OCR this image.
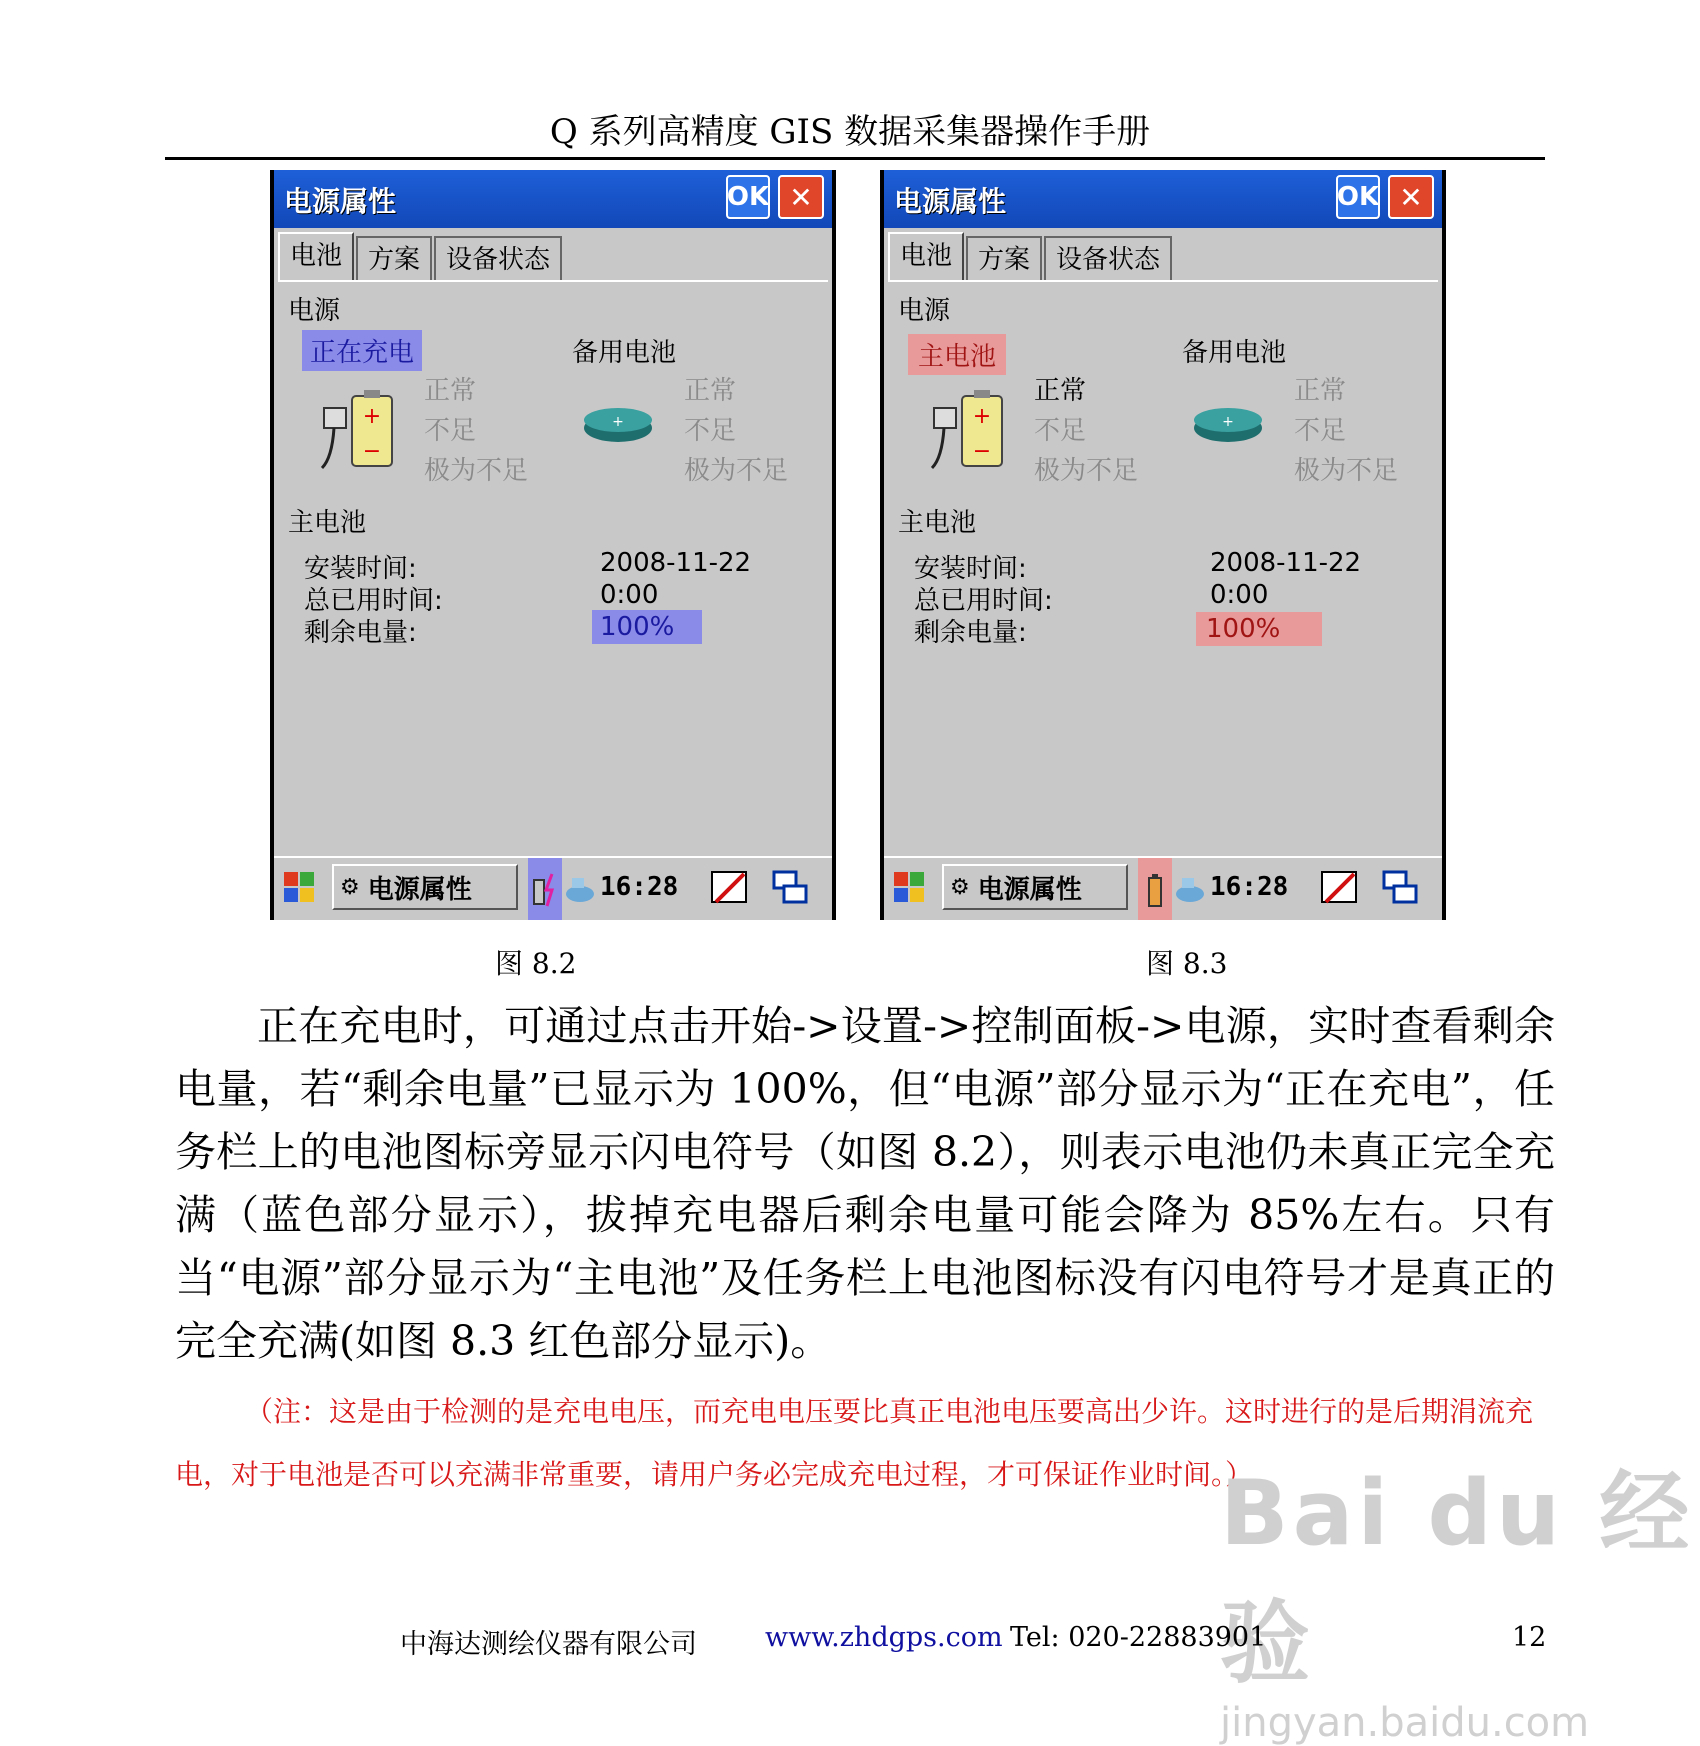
Q 系列高精度 GIS 数据采集器操作手册
电源属性	OK ✕
电池	方案	设备状态
电源
正在充电	备用电池
+
−
正常
不足
极为不足
+
正常
不足
极为不足
主电池
安装时间:	2008-11-22
总已用时间:	0:00
剩余电量:	100%
⚙ 电源属性	16:28
电源属性	OK ✕
电池	方案	设备状态
电源
主电池	备用电池
+
−
正常
不足
极为不足
+
正常
不足
极为不足
主电池
安装时间:	2008-11-22
总已用时间:	0:00
剩余电量:	100%
⚙ 电源属性	16:28
图 8.2	图 8.3
正在充电时，可通过点击开始->设置->控制面板->电源，实时查看剩余电量，若“剩余电量”已显示为 100%，但“电源”部分显示为“正在充电”，任务栏上的电池图标旁显示闪电符号（如图 8.2），则表示电池仍未真正完全充满（蓝色部分显示），拔掉充电器后剩余电量可能会降为 85%左右。只有当“电源”部分显示为“主电池”及任务栏上电池图标没有闪电符号才是真正的完全充满(如图 8.3 红色部分显示)。
（注：这是由于检测的是充电电压，而充电电压要比真正电池电压要高出少许。这时进行的是后期涓流充电，对于电池是否可以充满非常重要，请用户务必完成充电过程，才可保证作业时间。）
Bai du 经验
jingyan.baidu.com
中海达测绘仪器有限公司	www.zhdgps.com Tel: 020-22883901	12
